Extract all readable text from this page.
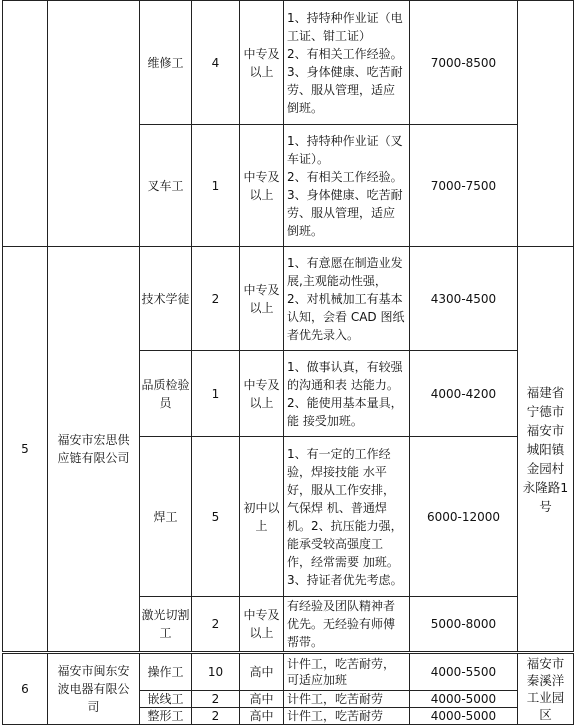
		维修工	4	中专及以上	1、持特种作业证（电工证、钳工证）
2、有相关工作经验。
3、身体健康、吃苦耐劳、服从管理，适应倒班。	7000-8500	
		叉车工	1	中专及以上	1、持特种作业证（叉车证）。
2、有相关工作经验。
3、身体健康、吃苦耐劳、服从管理，适应倒班。	7000-7500	
5	福安市宏思供应链有限公司	技术学徒	2	中专及以上	1、有意愿在制造业发展,主观能动性强，2、对机械加工有基本认知，会看 CAD 图纸者优先录入。	4300-4500	福建省宁德市福安市城阳镇金园村永隆路1号
		品质检验员	1	中专及以上	1、做事认真，有较强的沟通和表 达能力。
2、能使用基本量具，能 接受加班。	4000-4200	
		焊工	5	初中以上	1、有一定的工作经验，焊接技能 水平好，服从工作安排，气保焊 机、普通焊机。2、抗压能力强，能承受较高强度工作，经常需要 加班。
3、持证者优先考虑。	6000-12000	
		激光切割工	2	中专及以上	有经验及团队精神者优先。无经验有师傅帮带。	5000-8000	
6	福安市闽东安波电器有限公司	操作工	10	高中	计件工，吃苦耐劳，可适应加班	4000-5500	福安市秦溪洋工业园区
		嵌线工	2	高中	计件工，吃苦耐劳	4000-5000	
		整形工	2	高中	计件工，吃苦耐劳	4000-5000	
